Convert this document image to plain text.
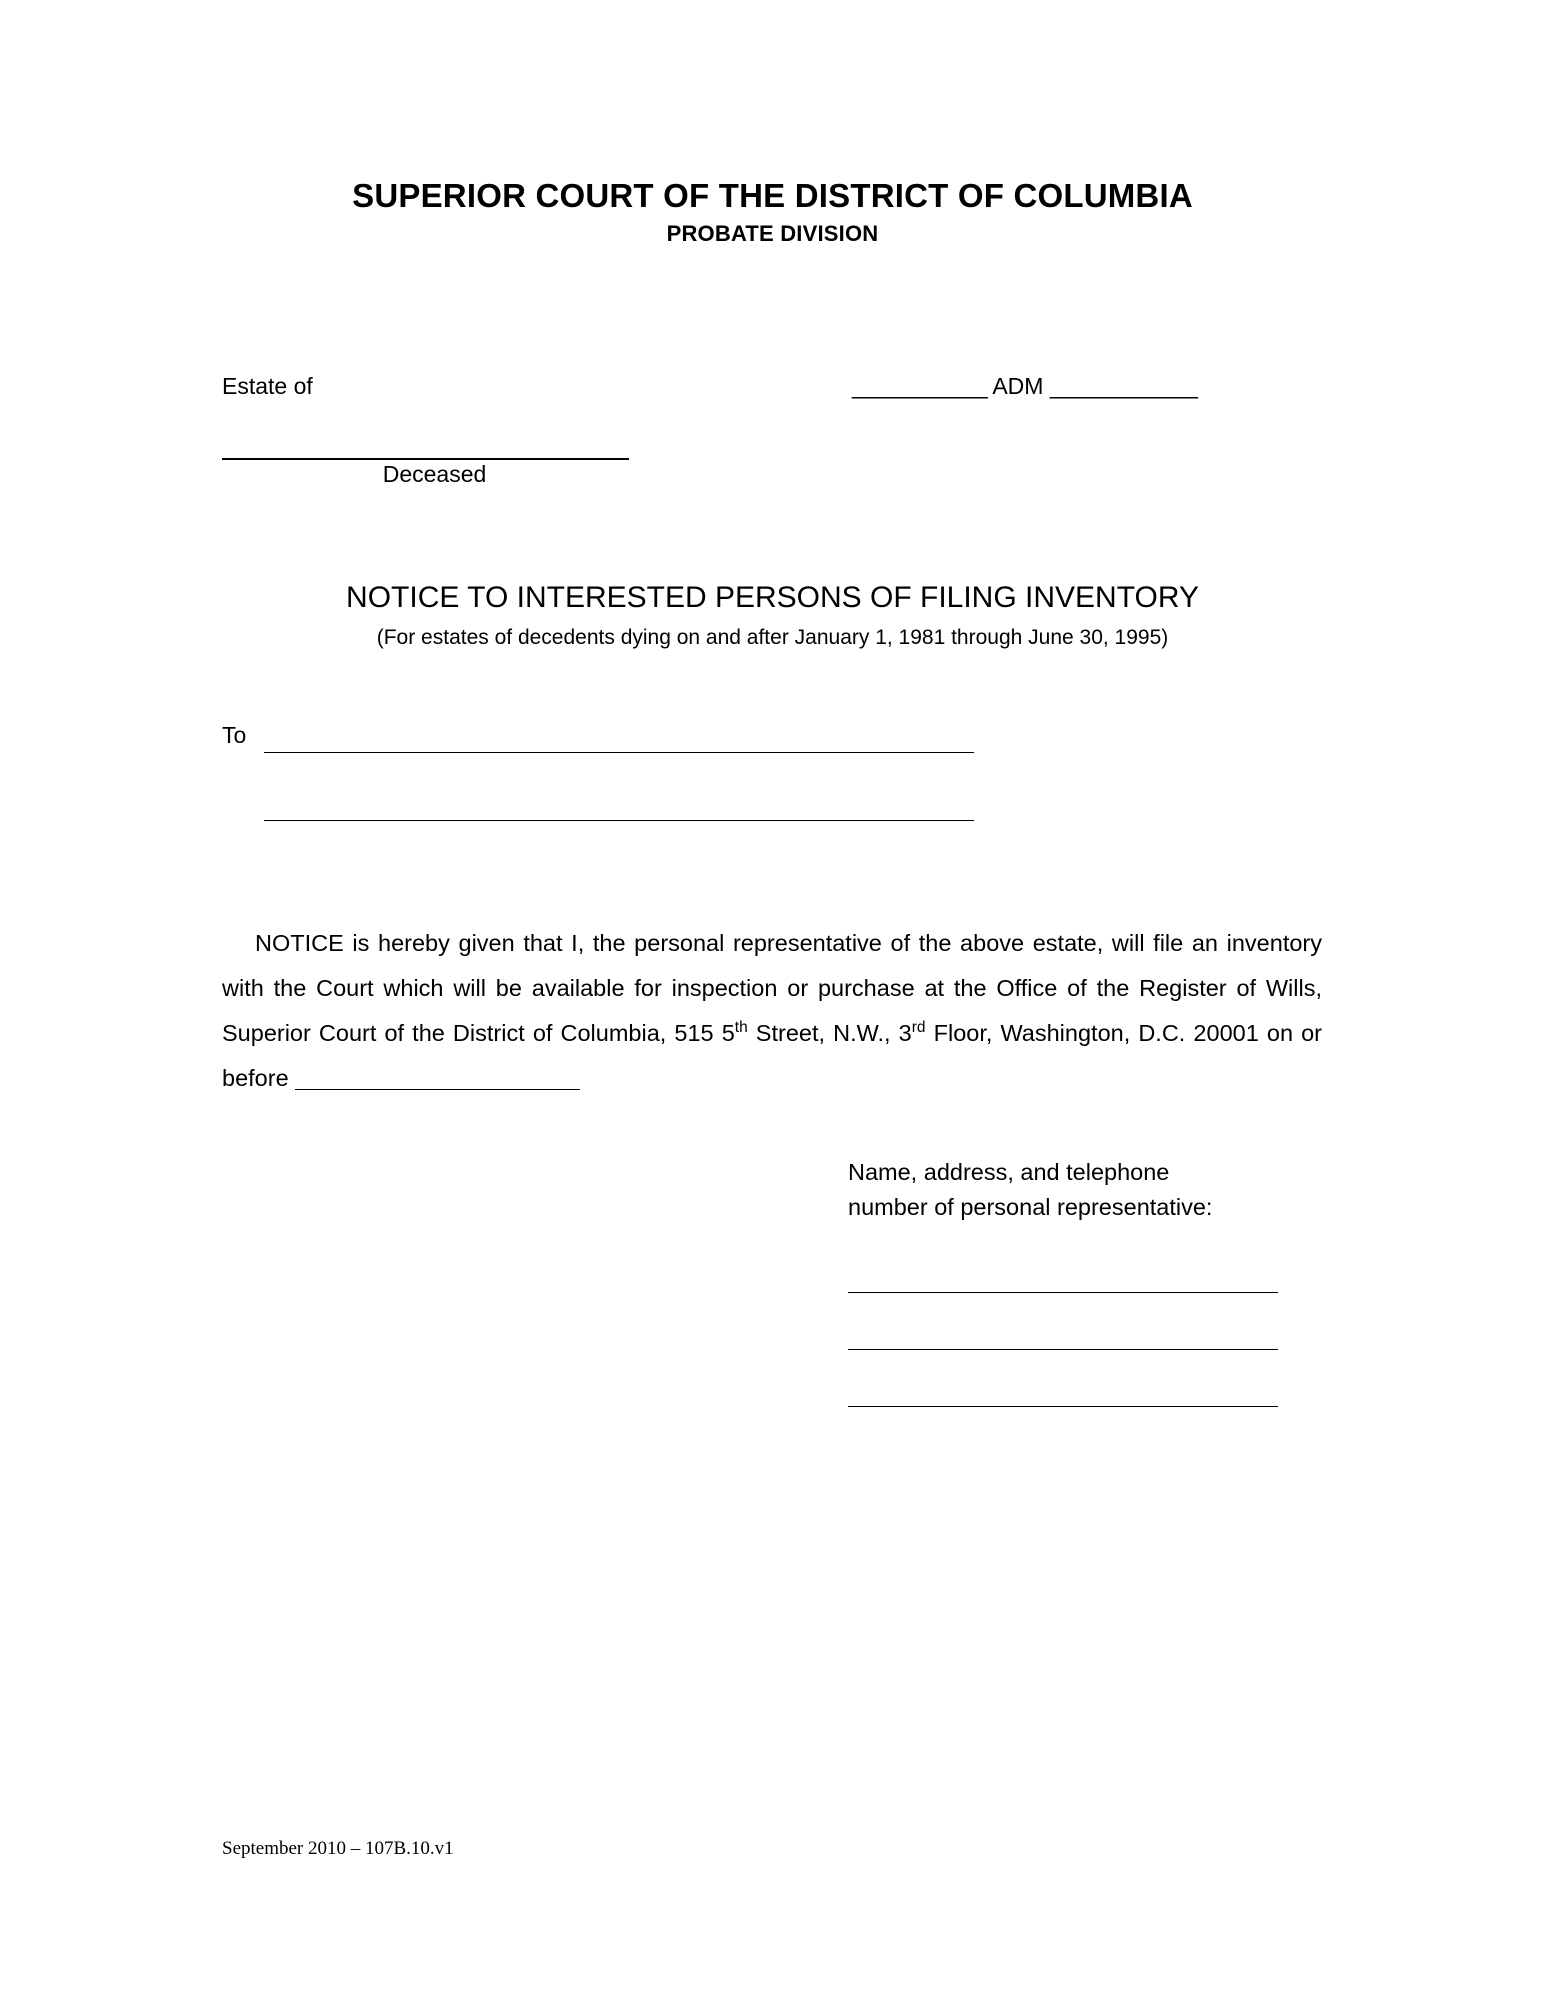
SUPERIOR COURT OF THE DISTRICT OF COLUMBIA
PROBATE DIVISION
Estate of	___________ ADM ____________
Deceased
NOTICE TO INTERESTED PERSONS OF FILING INVENTORY
(For estates of decedents dying on and after January 1, 1981 through June 30, 1995)
To

NOTICE is hereby given that I, the personal representative of the above estate, will file an inventory with the Court which will be available for inspection or purchase at the Office of the Register of Wills, Superior Court of the District of Columbia, 515 5th Street, N.W., 3rd Floor, Washington, D.C. 20001 on or before

Name, address, and telephone
number of personal representative:
September 2010 – 107B.10.v1
